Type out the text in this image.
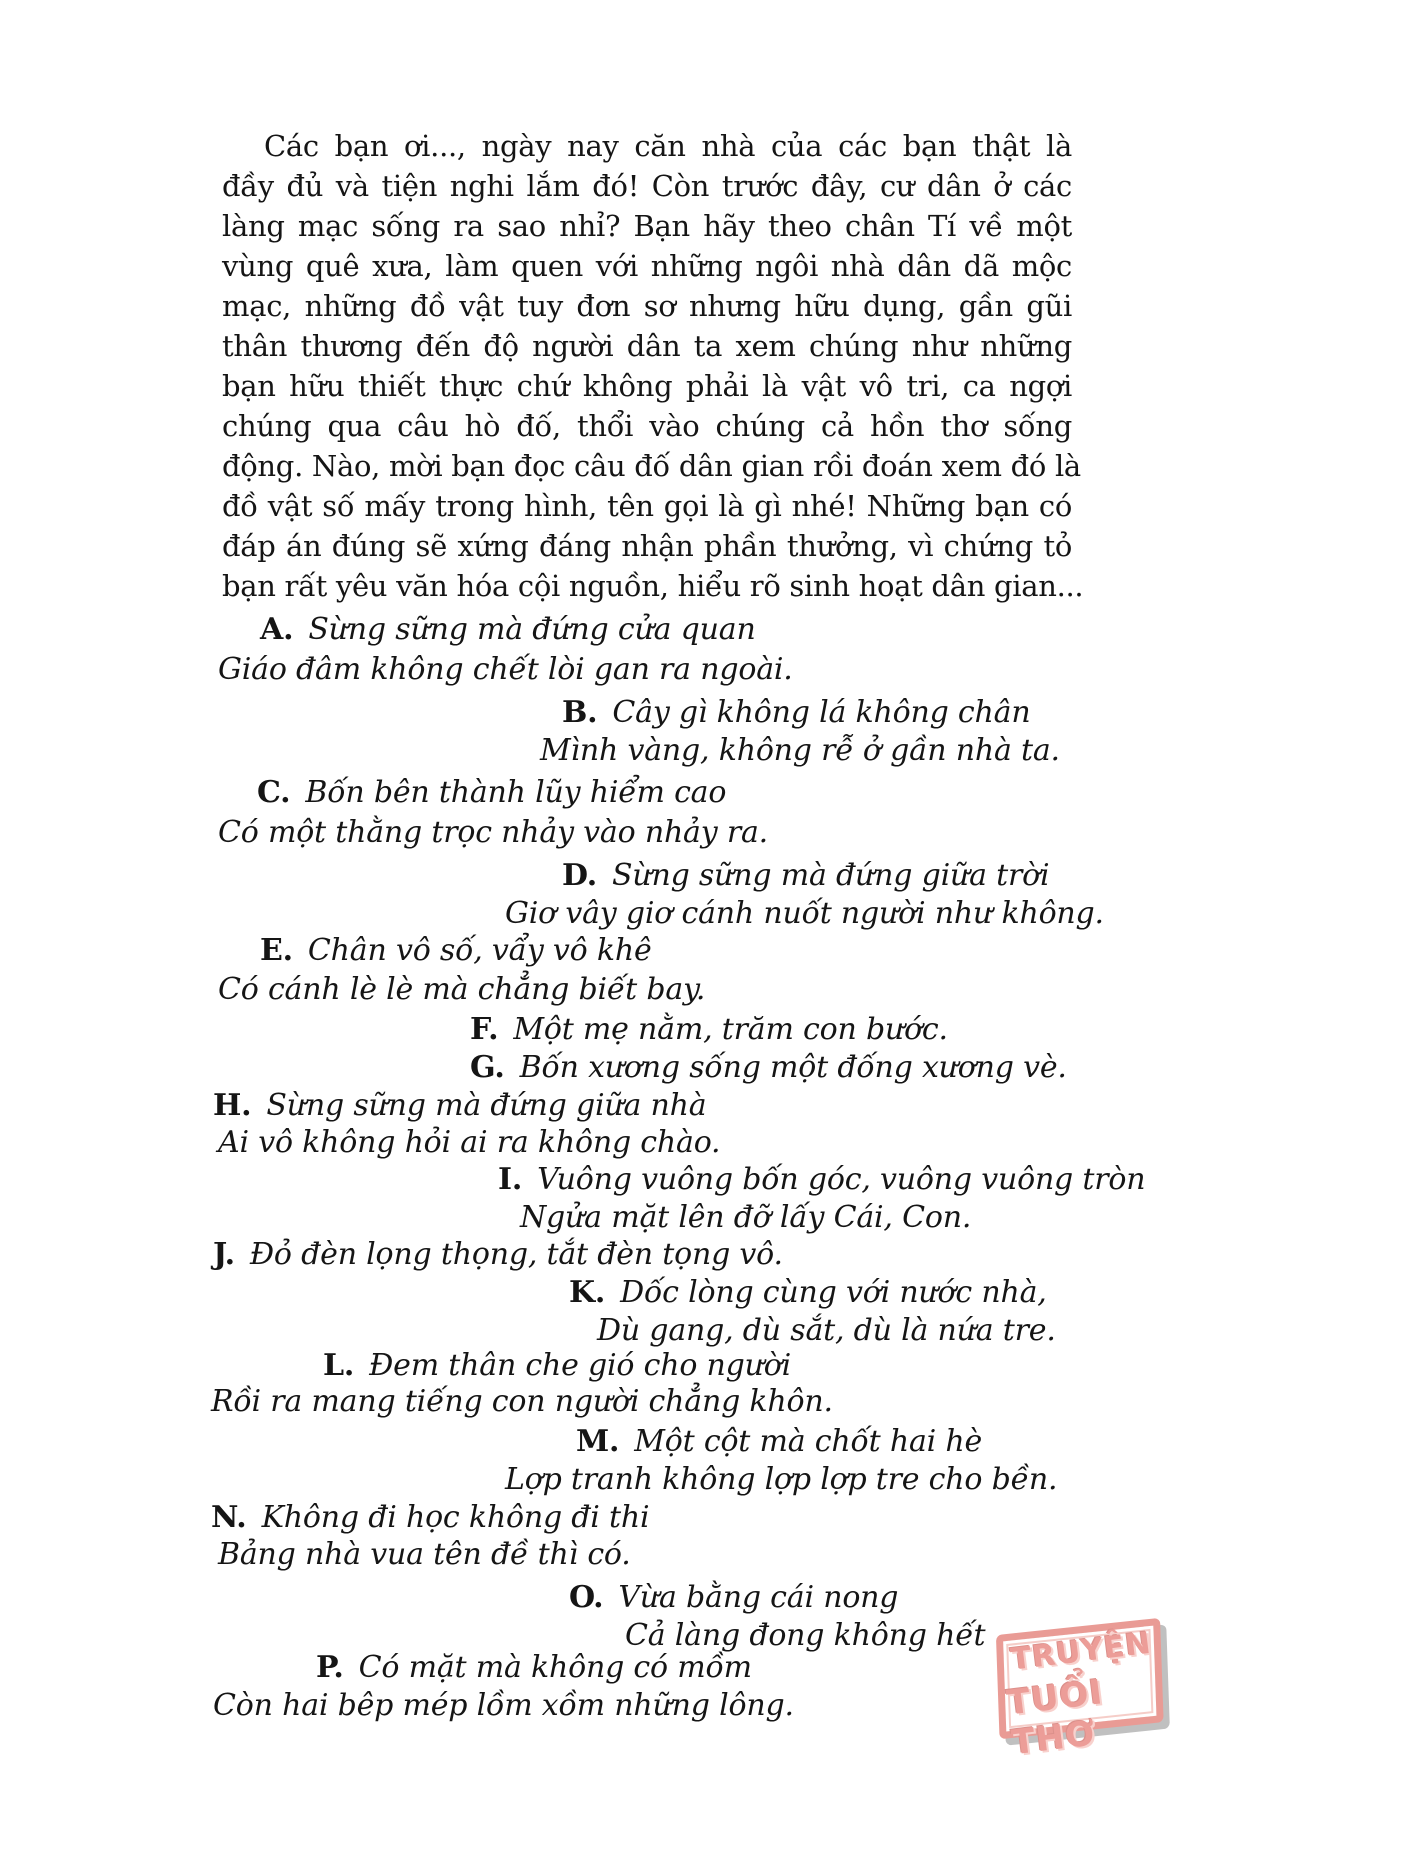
Các bạn ơi..., ngày nay căn nhà của các bạn thật là
đầy đủ và tiện nghi lắm đó! Còn trước đây, cư dân ở các
làng mạc sống ra sao nhỉ? Bạn hãy theo chân Tí về một
vùng quê xưa, làm quen với những ngôi nhà dân dã mộc
mạc, những đồ vật tuy đơn sơ nhưng hữu dụng, gần gũi
thân thương đến độ người dân ta xem chúng như những
bạn hữu thiết thực chứ không phải là vật vô tri, ca ngợi
chúng qua câu hò đố, thổi vào chúng cả hồn thơ sống
động. Nào, mời bạn đọc câu đố dân gian rồi đoán xem đó là
đồ vật số mấy trong hình, tên gọi là gì nhé! Những bạn có
đáp án đúng sẽ xứng đáng nhận phần thưởng, vì chứng tỏ
bạn rất yêu văn hóa cội nguồn, hiểu rõ sinh hoạt dân gian...
A. Sừng sững mà đứng cửa quan
Giáo đâm không chết lòi gan ra ngoài.
B. Cây gì không lá không chân
Mình vàng, không rễ ở gần nhà ta.
C. Bốn bên thành lũy hiểm cao
Có một thằng trọc nhảy vào nhảy ra.
D. Sừng sững mà đứng giữa trời
Giơ vây giơ cánh nuốt người như không.
E. Chân vô số, vẩy vô khê
Có cánh lè lè mà chẳng biết bay.
F. Một mẹ nằm, trăm con bước.
G. Bốn xương sống một đống xương vè.
H. Sừng sững mà đứng giữa nhà
Ai vô không hỏi ai ra không chào.
I. Vuông vuông bốn góc, vuông vuông tròn
Ngửa mặt lên đỡ lấy Cái, Con.
J. Đỏ đèn lọng thọng, tắt đèn tọng vô.
K. Dốc lòng cùng với nước nhà,
Dù gang, dù sắt, dù là nứa tre.
L. Đem thân che gió cho người
Rồi ra mang tiếng con người chẳng khôn.
M. Một cột mà chốt hai hè
Lợp tranh không lợp lợp tre cho bền.
N. Không đi học không đi thi
Bảng nhà vua tên đề thì có.
O. Vừa bằng cái nong
Cả làng đong không hết
P. Có mặt mà không có mồm
Còn hai bêp mép lồm xồm những lông.
TRUYỆN
TUỔI THƠ
